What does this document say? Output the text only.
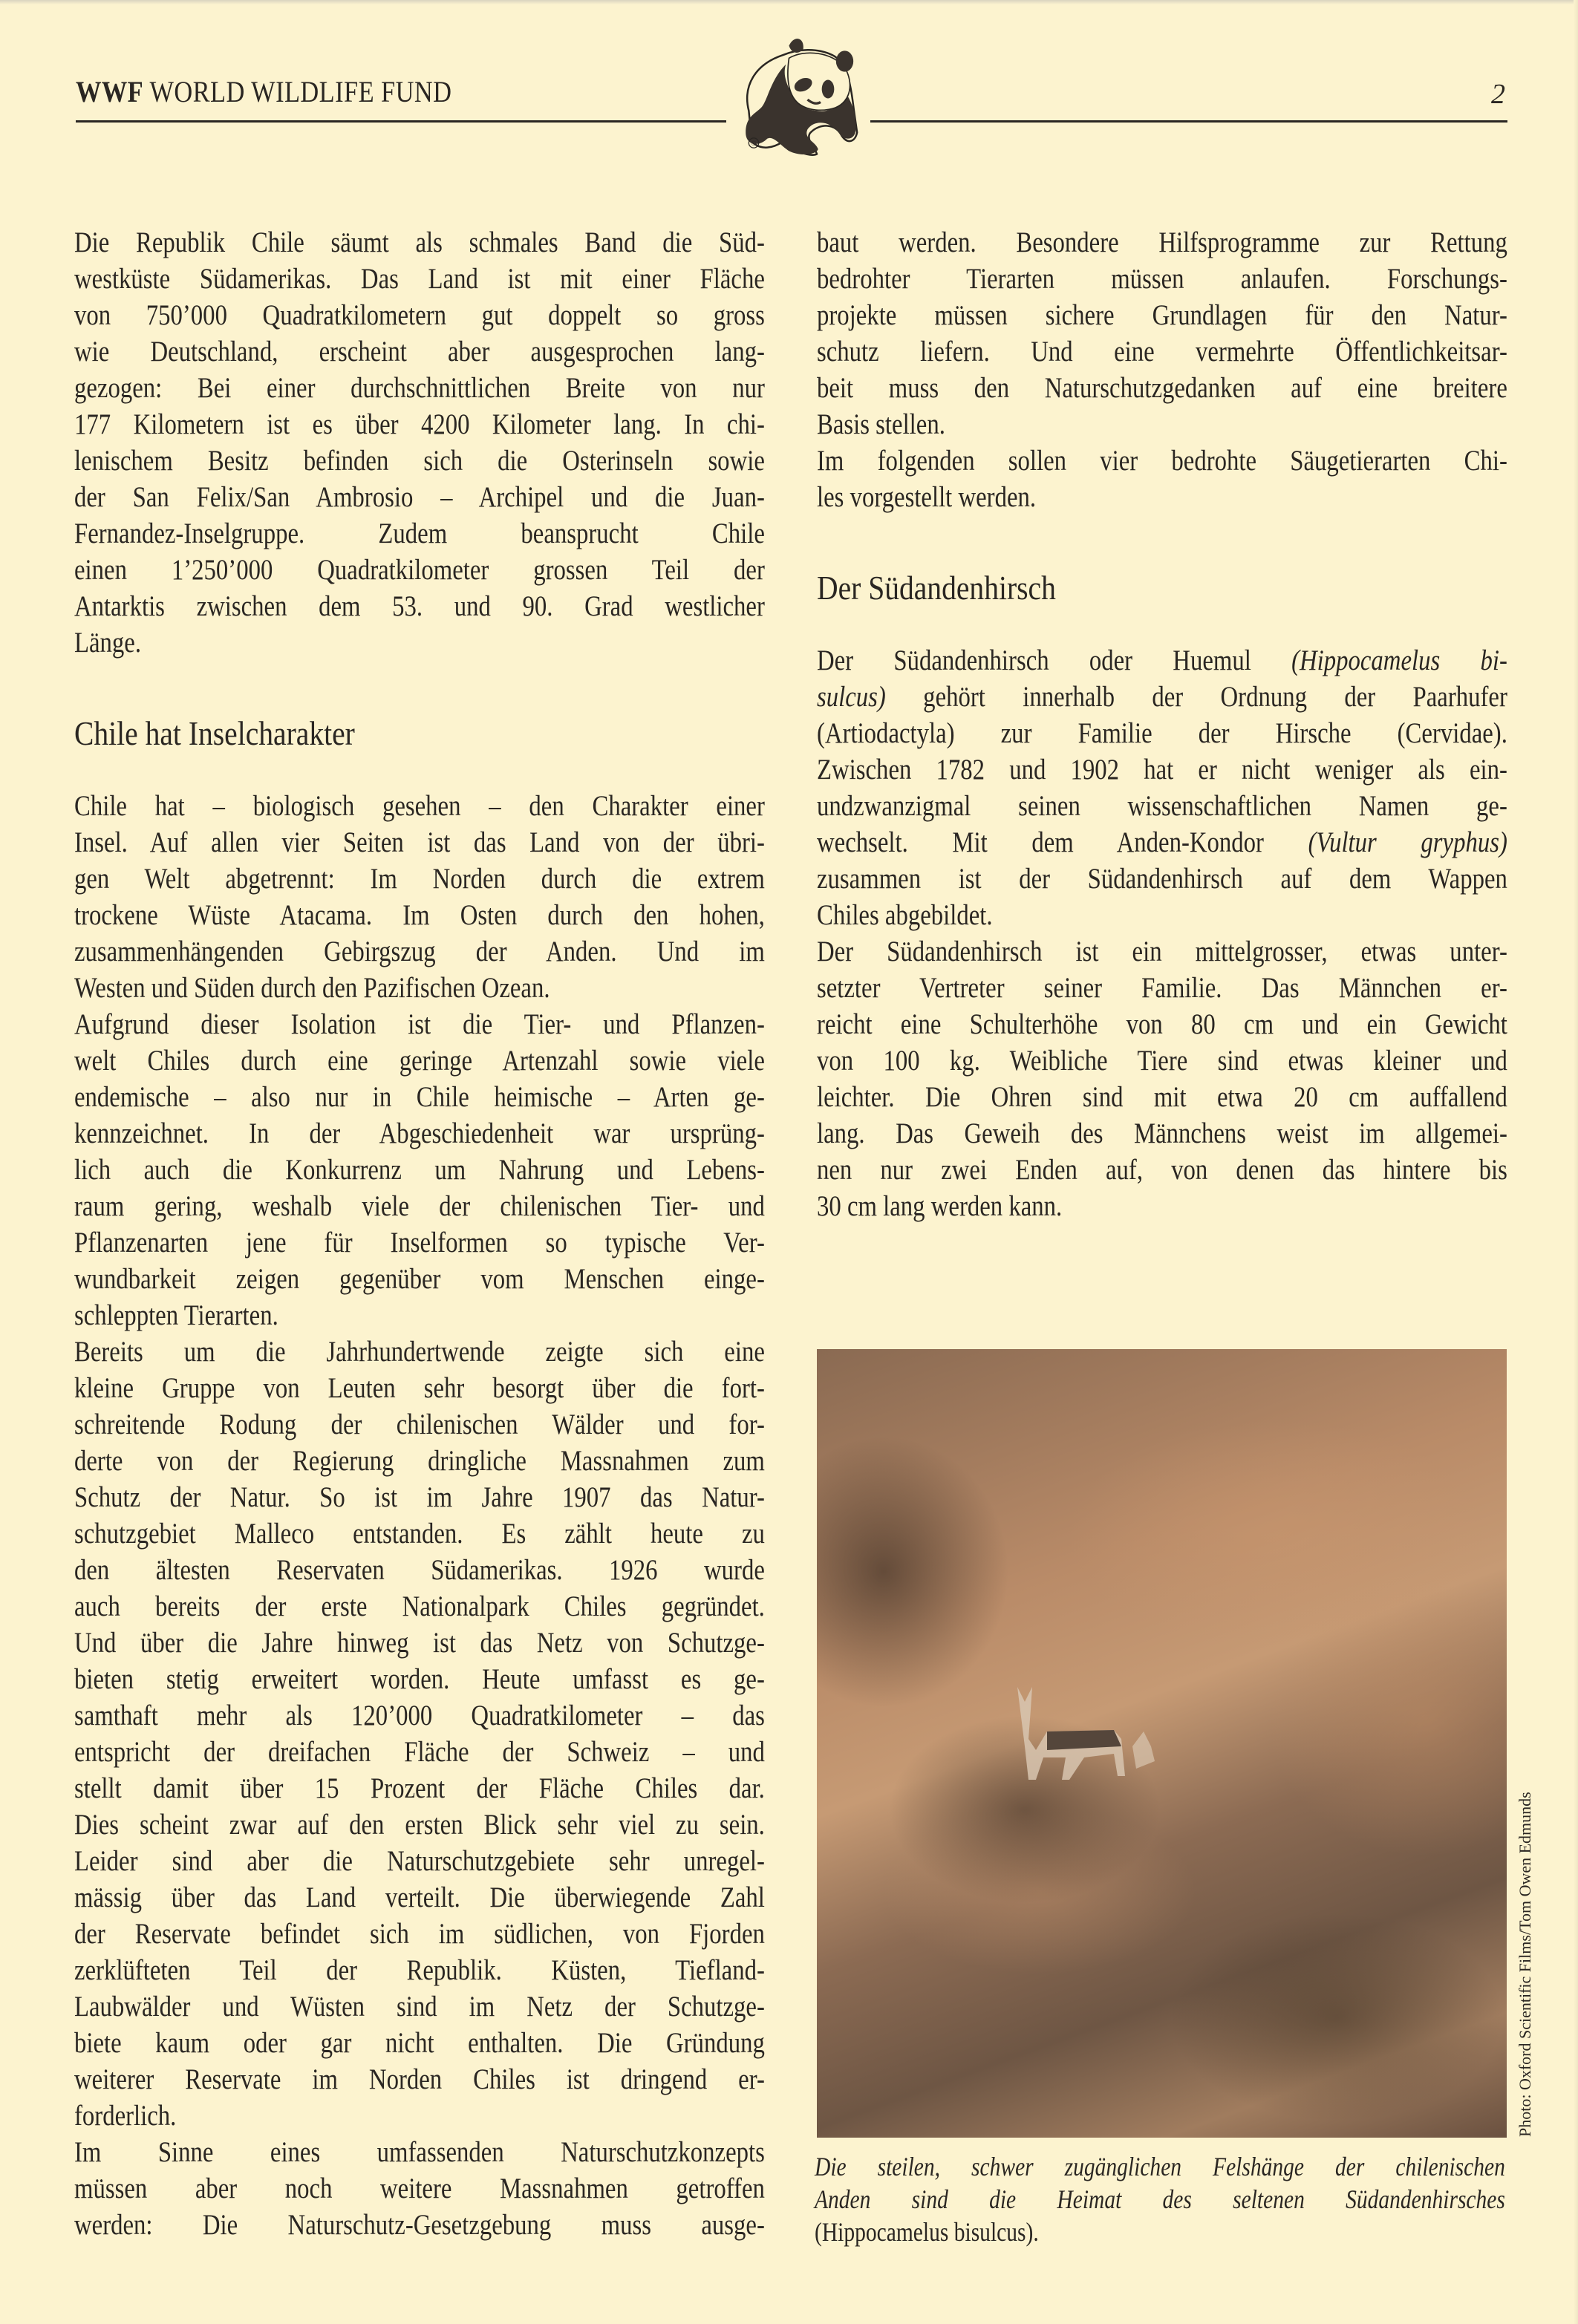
WWF WORLD WILDLIFE FUND	2
©
Die Republik Chile säumt als schmales Band die Süd-
westküste Südamerikas. Das Land ist mit einer Fläche
von 750’000 Quadratkilometern gut doppelt so gross
wie Deutschland, erscheint aber ausgesprochen lang-
gezogen: Bei einer durchschnittlichen Breite von nur
177 Kilometern ist es über 4200 Kilometer lang. In chi-
lenischem Besitz befinden sich die Osterinseln sowie
der San Felix/San Ambrosio – Archipel und die Juan-
Fernandez-Inselgruppe. Zudem beansprucht Chile
einen 1’250’000 Quadratkilometer grossen Teil der
Antarktis zwischen dem 53. und 90. Grad westlicher
Länge.
Chile hat Inselcharakter
Chile hat – biologisch gesehen – den Charakter einer
Insel. Auf allen vier Seiten ist das Land von der übri-
gen Welt abgetrennt: Im Norden durch die extrem
trockene Wüste Atacama. Im Osten durch den hohen,
zusammenhängenden Gebirgszug der Anden. Und im
Westen und Süden durch den Pazifischen Ozean.
Aufgrund dieser Isolation ist die Tier- und Pflanzen-
welt Chiles durch eine geringe Artenzahl sowie viele
endemische – also nur in Chile heimische – Arten ge-
kennzeichnet. In der Abgeschiedenheit war ursprüng-
lich auch die Konkurrenz um Nahrung und Lebens-
raum gering, weshalb viele der chilenischen Tier- und
Pflanzenarten jene für Inselformen so typische Ver-
wundbarkeit zeigen gegenüber vom Menschen einge-
schleppten Tierarten.
Bereits um die Jahrhundertwende zeigte sich eine
kleine Gruppe von Leuten sehr besorgt über die fort-
schreitende Rodung der chilenischen Wälder und for-
derte von der Regierung dringliche Massnahmen zum
Schutz der Natur. So ist im Jahre 1907 das Natur-
schutzgebiet Malleco entstanden. Es zählt heute zu
den ältesten Reservaten Südamerikas. 1926 wurde
auch bereits der erste Nationalpark Chiles gegründet.
Und über die Jahre hinweg ist das Netz von Schutzge-
bieten stetig erweitert worden. Heute umfasst es ge-
samthaft mehr als 120’000 Quadratkilometer – das
entspricht der dreifachen Fläche der Schweiz – und
stellt damit über 15 Prozent der Fläche Chiles dar.
Dies scheint zwar auf den ersten Blick sehr viel zu sein.
Leider sind aber die Naturschutzgebiete sehr unregel-
mässig über das Land verteilt. Die überwiegende Zahl
der Reservate befindet sich im südlichen, von Fjorden
zerklüfteten Teil der Republik. Küsten, Tiefland-
Laubwälder und Wüsten sind im Netz der Schutzge-
biete kaum oder gar nicht enthalten. Die Gründung
weiterer Reservate im Norden Chiles ist dringend er-
forderlich.
Im Sinne eines umfassenden Naturschutzkonzepts
müssen aber noch weitere Massnahmen getroffen
werden: Die Naturschutz-Gesetzgebung muss ausge-
baut werden. Besondere Hilfsprogramme zur Rettung
bedrohter Tierarten müssen anlaufen. Forschungs-
projekte müssen sichere Grundlagen für den Natur-
schutz liefern. Und eine vermehrte Öffentlichkeitsar-
beit muss den Naturschutzgedanken auf eine breitere
Basis stellen.
Im folgenden sollen vier bedrohte Säugetierarten Chi-
les vorgestellt werden.
Der Südandenhirsch
Der Südandenhirsch oder Huemul (Hippocamelus bi-
sulcus) gehört innerhalb der Ordnung der Paarhufer
(Artiodactyla) zur Familie der Hirsche (Cervidae).
Zwischen 1782 und 1902 hat er nicht weniger als ein-
undzwanzigmal seinen wissenschaftlichen Namen ge-
wechselt. Mit dem Anden-Kondor (Vultur gryphus)
zusammen ist der Südandenhirsch auf dem Wappen
Chiles abgebildet.
Der Südandenhirsch ist ein mittelgrosser, etwas unter-
setzter Vertreter seiner Familie. Das Männchen er-
reicht eine Schulterhöhe von 80 cm und ein Gewicht
von 100 kg. Weibliche Tiere sind etwas kleiner und
leichter. Die Ohren sind mit etwa 20 cm auffallend
lang. Das Geweih des Männchens weist im allgemei-
nen nur zwei Enden auf, von denen das hintere bis
30 cm lang werden kann.
Photo: Oxford Scientific Films/Tom Owen Edmunds
Die steilen, schwer zugänglichen Felshänge der chilenischen
Anden sind die Heimat des seltenen Südandenhirsches
(Hippocamelus bisulcus).
